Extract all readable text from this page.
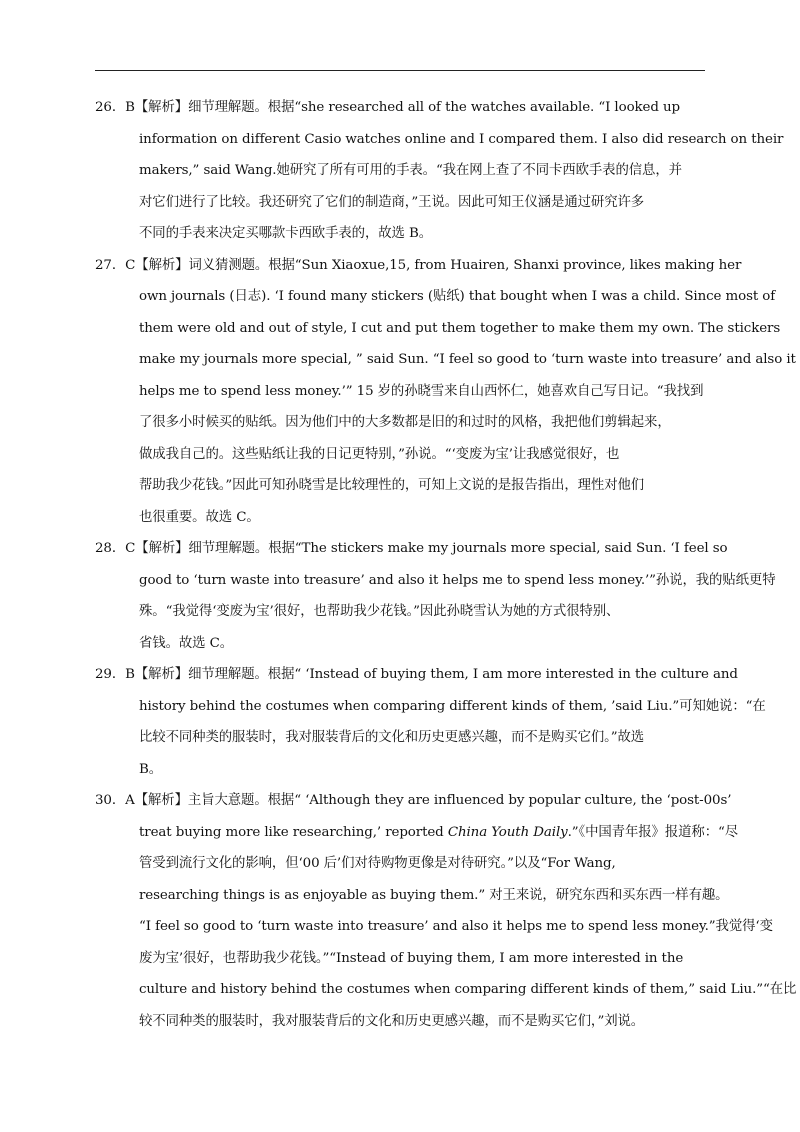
26．B【解析】细节理解题。根据“she researched all of the watches available. “I looked up
information on different Casio watches online and I compared them. I also did research on their
makers,” said Wang.她研究了所有可用的手表。“我在网上查了不同卡西欧手表的信息，并
对它们进行了比较。我还研究了它们的制造商，”王说。因此可知王仪涵是通过研究许多
不同的手表来决定买哪款卡西欧手表的，故选 B。
27．C【解析】词义猜测题。根据“Sun Xiaoxue,15, from Huairen, Shanxi province, likes making her
own journals (日志). ‘I found many stickers (贴纸) that bought when I was a child. Since most of
them were old and out of style, I cut and put them together to make them my own. The stickers
make my journals more special, ” said Sun. “I feel so good to ‘turn waste into treasure’ and also it
helps me to spend less money.’” 15 岁的孙晓雪来自山西怀仁，她喜欢自己写日记。“我找到
了很多小时候买的贴纸。因为他们中的大多数都是旧的和过时的风格，我把他们剪辑起来，
做成我自己的。这些贴纸让我的日记更特别，”孙说。“‘变废为宝’让我感觉很好，也
帮助我少花钱。”因此可知孙晓雪是比较理性的，可知上文说的是报告指出，理性对他们
也很重要。故选 C。
28．C【解析】细节理解题。根据“The stickers make my journals more special, said Sun. ‘I feel so
good to ‘turn waste into treasure’ and also it helps me to spend less money.’”孙说，我的贴纸更特
殊。“我觉得‘变废为宝’很好，也帮助我少花钱。”因此孙晓雪认为她的方式很特别、
省钱。故选 C。
29．B【解析】细节理解题。根据“ ‘Instead of buying them, I am more interested in the culture and
history behind the costumes when comparing different kinds of them, ’said Liu.”可知她说：“在
比较不同种类的服装时，我对服装背后的文化和历史更感兴趣，而不是购买它们。”故选
B。
30．A【解析】主旨大意题。根据“ ‘Although they are influenced by popular culture, the ‘post-00s’
treat buying more like researching,’ reported China Youth Daily.”《中国青年报》报道称：“尽
管受到流行文化的影响，但‘00 后’们对待购物更像是对待研究。”以及“For Wang,
researching things is as enjoyable as buying them.” 对王来说，研究东西和买东西一样有趣。
“I feel so good to ‘turn waste into treasure’ and also it helps me to spend less money.”我觉得‘变
废为宝’很好，也帮助我少花钱。”“Instead of buying them, I am more interested in the
culture and history behind the costumes when comparing different kinds of them,” said Liu.”“在比
较不同种类的服装时，我对服装背后的文化和历史更感兴趣，而不是购买它们，”刘说。
